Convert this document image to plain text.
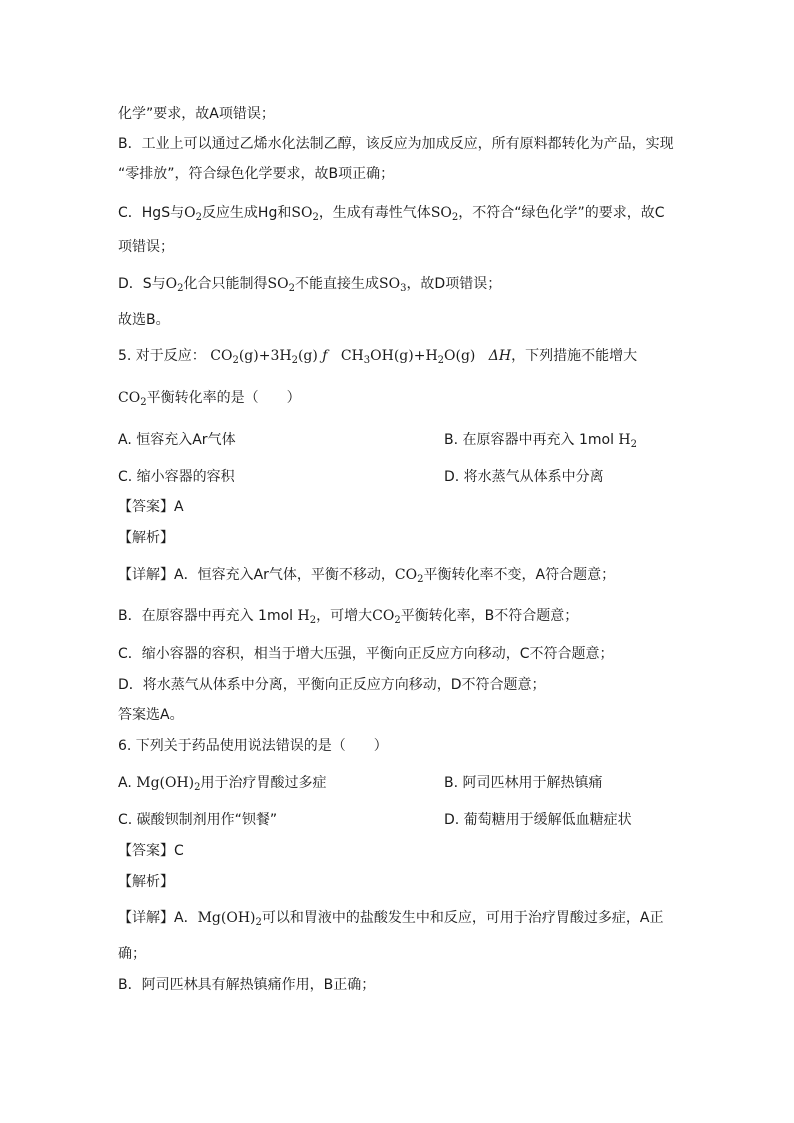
化学”要求，故A项错误；
B．工业上可以通过乙烯水化法制乙醇，该反应为加成反应，所有原料都转化为产品，实现
“零排放”，符合绿色化学要求，故B项正确；
C．HgS与$O_2$反应生成Hg和$SO_2$，生成有毒性气体$SO_2$，不符合“绿色化学”的要求，故C
项错误；
D．S与$O_2$化合只能制得$SO_2$不能直接生成$SO_3$，故D项错误；
故选B。
5. 对于反应： $CO_2(g)+3H_2(g)$ ƒ $CH_3OH(g)+H_2O(g)$ ΔH，下列措施不能增大
$CO_2$平衡转化率的是（　　）
A. 恒容充入Ar气体	B. 在原容器中再充入 1mol $H_2$
C. 缩小容器的容积	D. 将水蒸气从体系中分离
【答案】A
【解析】
【详解】A．恒容充入Ar气体，平衡不移动，$CO_2$平衡转化率不变，A符合题意；
B．在原容器中再充入 1mol $H_2$，可增大$CO_2$平衡转化率，B不符合题意；
C．缩小容器的容积，相当于增大压强，平衡向正反应方向移动，C不符合题意；
D．将水蒸气从体系中分离，平衡向正反应方向移动，D不符合题意；
答案选A。
6. 下列关于药品使用说法错误的是（　　）
A. $Mg(OH)_2$用于治疗胃酸过多症	B. 阿司匹林用于解热镇痛
C. 碳酸钡制剂用作“钡餐”	D. 葡萄糖用于缓解低血糖症状
【答案】C
【解析】
【详解】A．$Mg(OH)_2$可以和胃液中的盐酸发生中和反应，可用于治疗胃酸过多症，A正
确；
B．阿司匹林具有解热镇痛作用，B正确；
